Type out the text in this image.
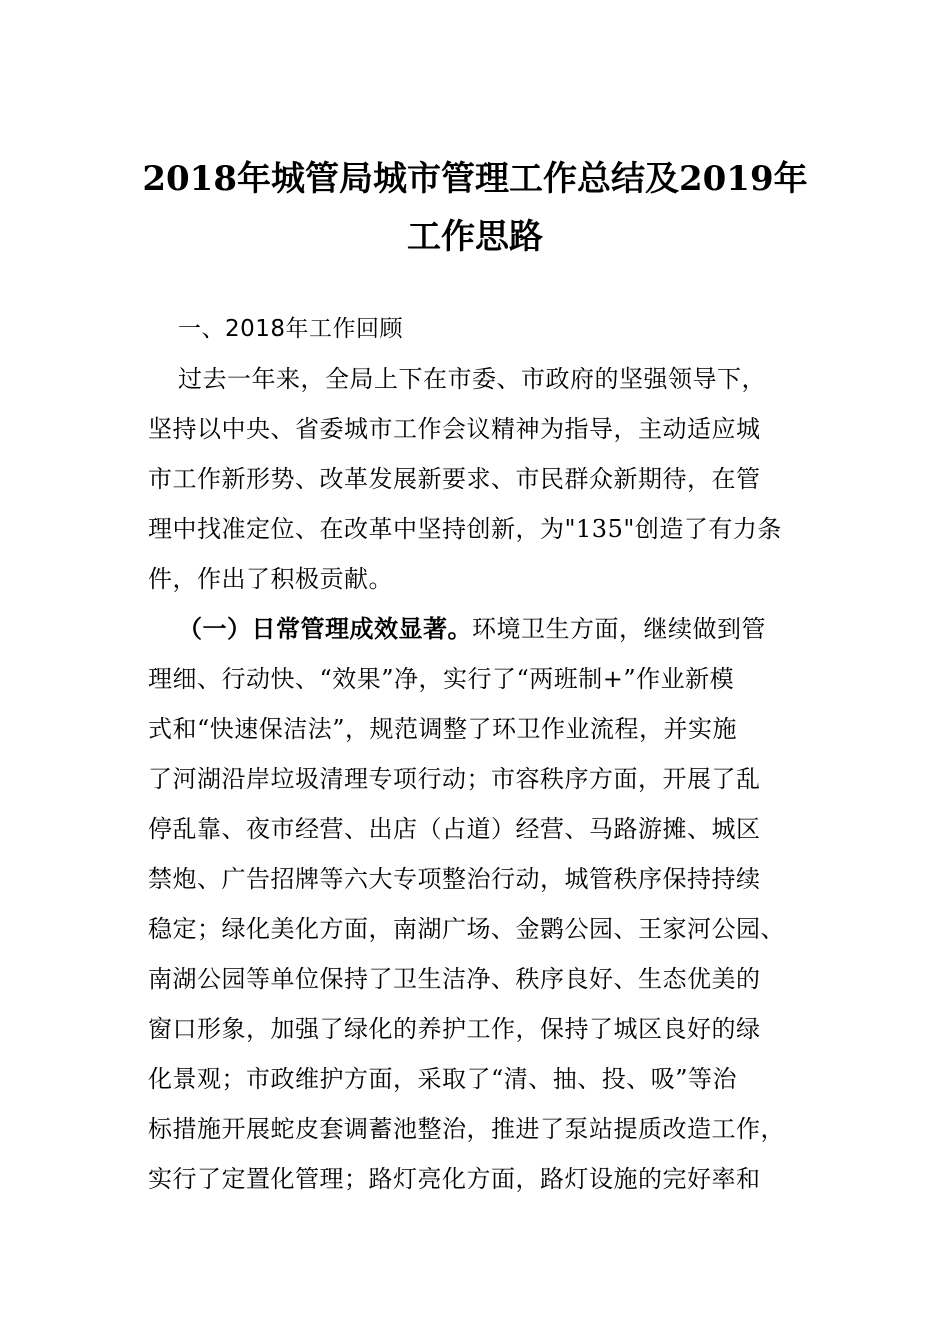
2018年城管局城市管理工作总结及2019年
工作思路
一、2018年工作回顾
过去一年来，全局上下在市委、市政府的坚强领导下，
坚持以中央、省委城市工作会议精神为指导，主动适应城
市工作新形势、改革发展新要求、市民群众新期待，在管
理中找准定位、在改革中坚持创新，为"135"创造了有力条
件，作出了积极贡献。
（一）日常管理成效显著。环境卫生方面，继续做到管
理细、行动快、“效果”净，实行了“两班制+”作业新模
式和“快速保洁法”，规范调整了环卫作业流程，并实施
了河湖沿岸垃圾清理专项行动；市容秩序方面，开展了乱
停乱靠、夜市经营、出店（占道）经营、马路游摊、城区
禁炮、广告招牌等六大专项整治行动，城管秩序保持持续
稳定；绿化美化方面，南湖广场、金鹮公园、王家河公园、
南湖公园等单位保持了卫生洁净、秩序良好、生态优美的
窗口形象，加强了绿化的养护工作，保持了城区良好的绿
化景观；市政维护方面，采取了“清、抽、投、吸”等治
标措施开展蛇皮套调蓄池整治，推进了泵站提质改造工作，
实行了定置化管理；路灯亮化方面，路灯设施的完好率和
